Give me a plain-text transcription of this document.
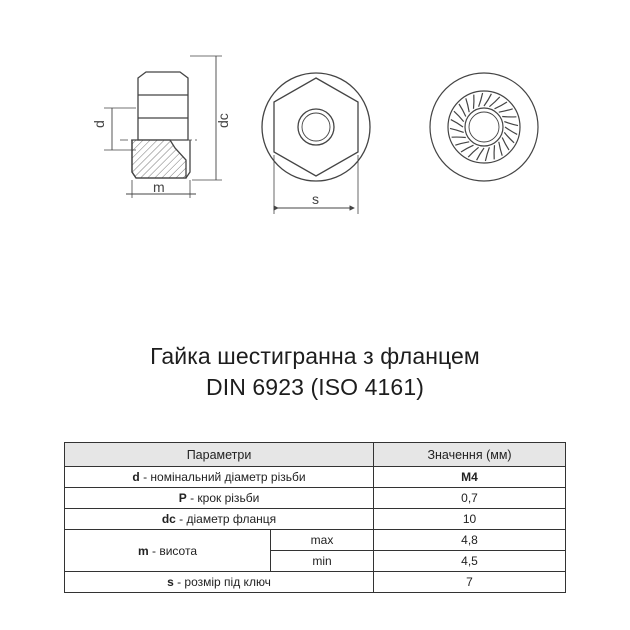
d	dc
m
s
Гайка шестигранна з фланцем
DIN 6923 (ISO 4161)
Параметри		Значення (мм)
d - номінальний діаметр різьби		M4
P - крок різьби		0,7
dc - діаметр фланця		10
m - висота	max	4,8
	min	4,5
s - розмір під ключ		7
